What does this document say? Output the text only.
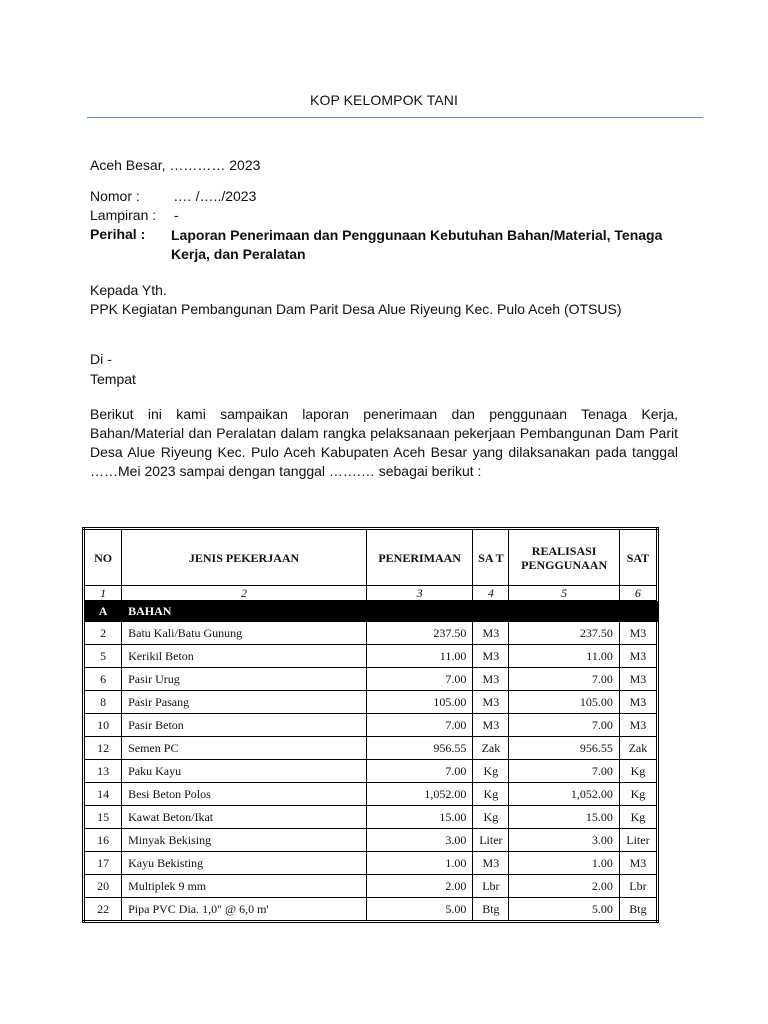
KOP KELOMPOK TANI
Aceh Besar, ………… 2023
Nomor : .… /…../2023
Lampiran : -
Perihal : Laporan Penerimaan dan Penggunaan Kebutuhan Bahan/Material, Tenaga Kerja, dan Peralatan
Kepada Yth.
PPK Kegiatan Pembangunan Dam Parit Desa Alue Riyeung Kec. Pulo Aceh (OTSUS)
Di -
Tempat
Berikut ini kami sampaikan laporan penerimaan dan penggunaan Tenaga Kerja, Bahan/Material dan Peralatan dalam rangka pelaksanaan pekerjaan Pembangunan Dam Parit Desa Alue Riyeung Kec. Pulo Aceh Kabupaten Aceh Besar yang dilaksanakan pada tanggal ……Mei 2023 sampai dengan tanggal …….… sebagai berikut :
NO	JENIS PEKERJAAN	PENERIMAAN	SA T	REALISASI PENGGUNAAN	SAT
1	2	3	4	5	6
A	BAHAN				
2	Batu Kali/Batu Gunung	237.50	M3	237.50	M3
5	Kerikil Beton	11.00	M3	11.00	M3
6	Pasir Urug	7.00	M3	7.00	M3
8	Pasir Pasang	105.00	M3	105.00	M3
10	Pasir Beton	7.00	M3	7.00	M3
12	Semen PC	956.55	Zak	956.55	Zak
13	Paku Kayu	7.00	Kg	7.00	Kg
14	Besi Beton Polos	1,052.00	Kg	1,052.00	Kg
15	Kawat Beton/Ikat	15.00	Kg	15.00	Kg
16	Minyak Bekising	3.00	Liter	3.00	Liter
17	Kayu Bekisting	1.00	M3	1.00	M3
20	Multiplek 9 mm	2.00	Lbr	2.00	Lbr
22	Pipa PVC Dia. 1,0" @ 6,0 m'	5.00	Btg	5.00	Btg
